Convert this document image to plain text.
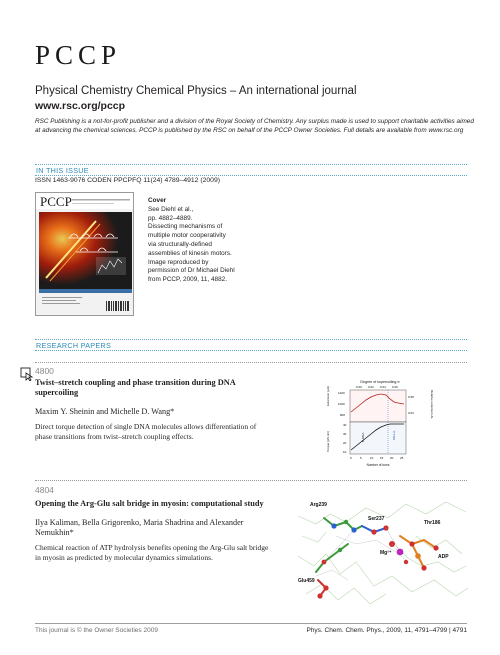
PCCP
Physical Chemistry Chemical Physics – An international journal
www.rsc.org/pccp
RSC Publishing is a not-for-profit publisher and a division of the Royal Society of Chemistry. Any surplus made is used to support charitable activities aimed at advancing the chemical sciences. PCCP is published by the RSC on behalf of the PCCP Owner Societies. Full details are available from www.rsc.org
IN THIS ISSUE
ISSN 1463-9076 CODEN PPCPFQ 11(24) 4789–4912 (2009)
PCCP	Cover
See Diehl et al.,
pp. 4882–4889.
Dissecting mechanisms of
multiple motor cooperativity
via structurally-defined
assemblies of kinesin motors.
Image reproduced by
permission of Dr Michael Diehl
from PCCP, 2009, 11, 4882.
RESEARCH PAPERS
4800
Twist–stretch coupling and phase transition during DNA supercoiling
Maxim Y. Sheinin and Michelle D. Wang*
Direct torque detection of single DNA molecules allows differentiation of phase transitions from twist–stretch coupling effects.
Degree of supercoiling σ
0.00 0.02 0.04 0.06
Extension (µm)	1200
1000
800
Torque (pN·nm)
40
30
20
10
Relative extension ΔL
0.58
0.53
B-DNA	DNA+L
0	5	10 15 20 25
Number of turns
4804
Opening the Arg-Glu salt bridge in myosin: computational study
Ilya Kaliman, Bella Grigorenko, Maria Shadrina and Alexander Nemukhin*
Chemical reaction of ATP hydrolysis benefits opening the Arg-Glu salt bridge in myosin as predicted by molecular dynamics simulations.
Arg239
Ser237
Thr186
Mg²⁺
ADP
Glu459
This journal is © the Owner Societies 2009	Phys. Chem. Chem. Phys., 2009, 11, 4791–4799 | 4791
